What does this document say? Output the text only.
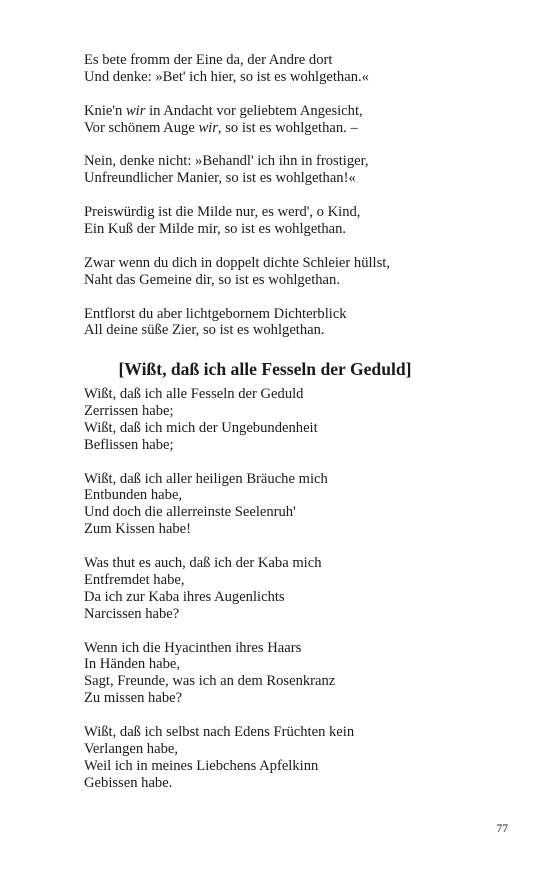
Es bete fromm der Eine da, der Andre dort
Und denke: »Bet' ich hier, so ist es wohlgethan.«
Knie'n wir in Andacht vor geliebtem Angesicht,
Vor schönem Auge wir, so ist es wohlgethan. –
Nein, denke nicht: »Behandl' ich ihn in frostiger,
Unfreundlicher Manier, so ist es wohlgethan!«
Preiswürdig ist die Milde nur, es werd', o Kind,
Ein Kuß der Milde mir, so ist es wohlgethan.
Zwar wenn du dich in doppelt dichte Schleier hüllst,
Naht das Gemeine dir, so ist es wohlgethan.
Entflorst du aber lichtgebornem Dichterblick
All deine süße Zier, so ist es wohlgethan.
[Wißt, daß ich alle Fesseln der Geduld]
Wißt, daß ich alle Fesseln der Geduld
Zerrissen habe;
Wißt, daß ich mich der Ungebundenheit
Beflissen habe;
Wißt, daß ich aller heiligen Bräuche mich
Entbunden habe,
Und doch die allerreinste Seelenruh'
Zum Kissen habe!
Was thut es auch, daß ich der Kaba mich
Entfremdet habe,
Da ich zur Kaba ihres Augenlichts
Narcissen habe?
Wenn ich die Hyacinthen ihres Haars
In Händen habe,
Sagt, Freunde, was ich an dem Rosenkranz
Zu missen habe?
Wißt, daß ich selbst nach Edens Früchten kein
Verlangen habe,
Weil ich in meines Liebchens Apfelkinn
Gebissen habe.
77
